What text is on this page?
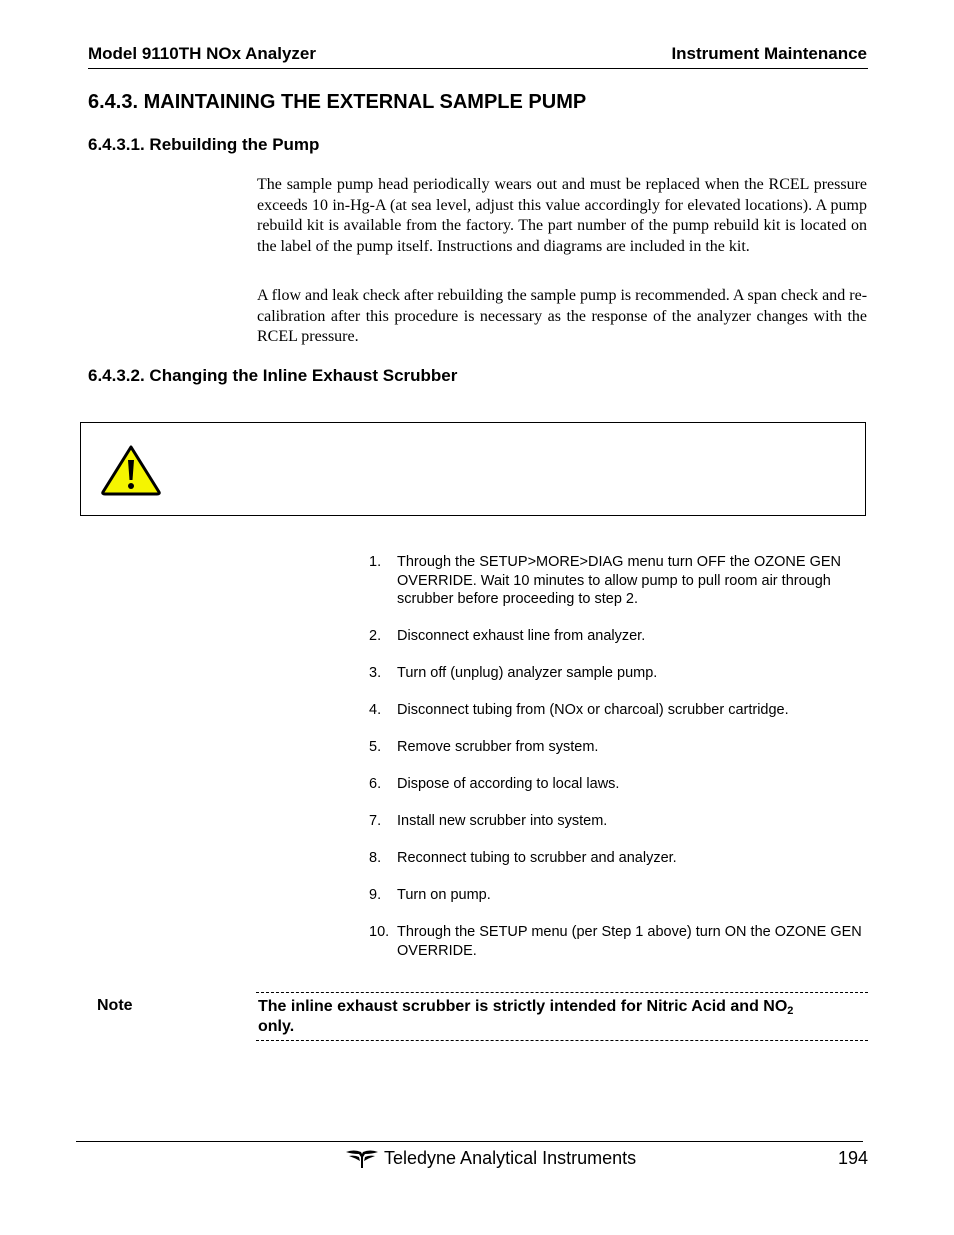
Model 9110TH NOx Analyzer	Instrument Maintenance
6.4.3. MAINTAINING THE EXTERNAL SAMPLE PUMP
6.4.3.1. Rebuilding the Pump
The sample pump head periodically wears out and must be replaced when the RCEL pressure exceeds 10 in-Hg-A (at sea level, adjust this value accordingly for elevated locations). A pump rebuild kit is available from the factory. The part number of the pump rebuild kit is located on the label of the pump itself. Instructions and diagrams are included in the kit.
A flow and leak check after rebuilding the sample pump is recommended. A span check and re-calibration after this procedure is necessary as the response of the analyzer changes with the RCEL pressure.
6.4.3.2. Changing the Inline Exhaust Scrubber
1. Through the SETUP>MORE>DIAG menu turn OFF the OZONE GEN OVERRIDE. Wait 10 minutes to allow pump to pull room air through scrubber before proceeding to step 2.
2. Disconnect exhaust line from analyzer.
3. Turn off (unplug) analyzer sample pump.
4. Disconnect tubing from (NOx or charcoal) scrubber cartridge.
5. Remove scrubber from system.
6. Dispose of according to local laws.
7. Install new scrubber into system.
8. Reconnect tubing to scrubber and analyzer.
9. Turn on pump.
10. Through the SETUP menu (per Step 1 above) turn ON the OZONE GEN OVERRIDE.
Note	The inline exhaust scrubber is strictly intended for Nitric Acid and $NO_2$
only.
Teledyne Analytical Instruments	194
